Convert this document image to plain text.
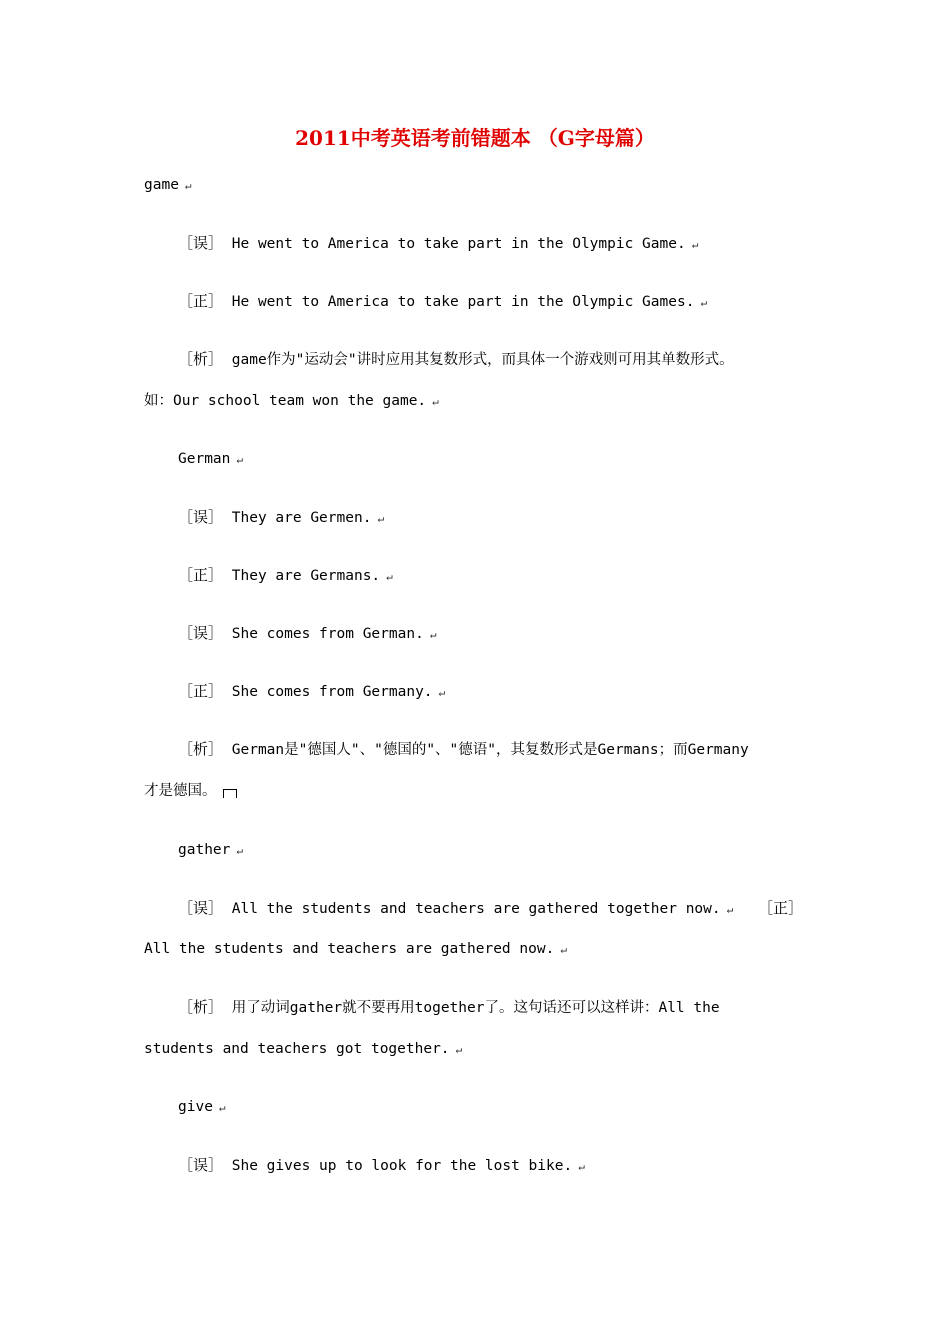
2011中考英语考前错题本 （G字母篇）
game ↵
［误］ He went to America to take part in the Olympic Game. ↵
［正］ He went to America to take part in the Olympic Games. ↵
［析］ game作为"运动会"讲时应用其复数形式，而具体一个游戏则可用其单数形式。
如：Our school team won the game. ↵
German ↵
［误］ They are Germen. ↵
［正］ They are Germans. ↵
［误］ She comes from German. ↵
［正］ She comes from Germany. ↵
［析］ German是"德国人"、"德国的"、"德语"，其复数形式是Germans；而Germany
才是德国。
gather ↵
［误］ All the students and teachers are gathered together now. ↵ ［正］
All the students and teachers are gathered now. ↵
［析］ 用了动词gather就不要再用together了。这句话还可以这样讲：All the
students and teachers got together. ↵
give ↵
［误］ She gives up to look for the lost bike. ↵
